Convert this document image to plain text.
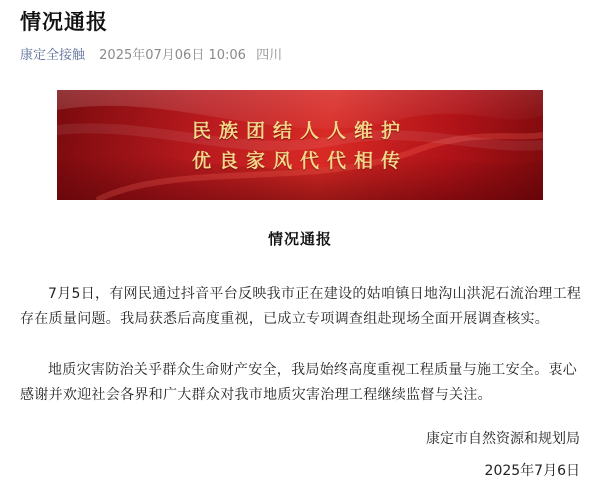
情况通报
康定全接触 2025年07月06日 10:06 四川
民族团结人人维护
优良家风代代相传
情况通报

7月5日，有网民通过抖音平台反映我市正在建设的姑咱镇日地沟山洪泥石流治理工程存在质量问题。我局获悉后高度重视，已成立专项调查组赴现场全面开展调查核实。

地质灾害防治关乎群众生命财产安全，我局始终高度重视工程质量与施工安全。衷心感谢并欢迎社会各界和广大群众对我市地质灾害治理工程继续监督与关注。

康定市自然资源和规划局
2025年7月6日
